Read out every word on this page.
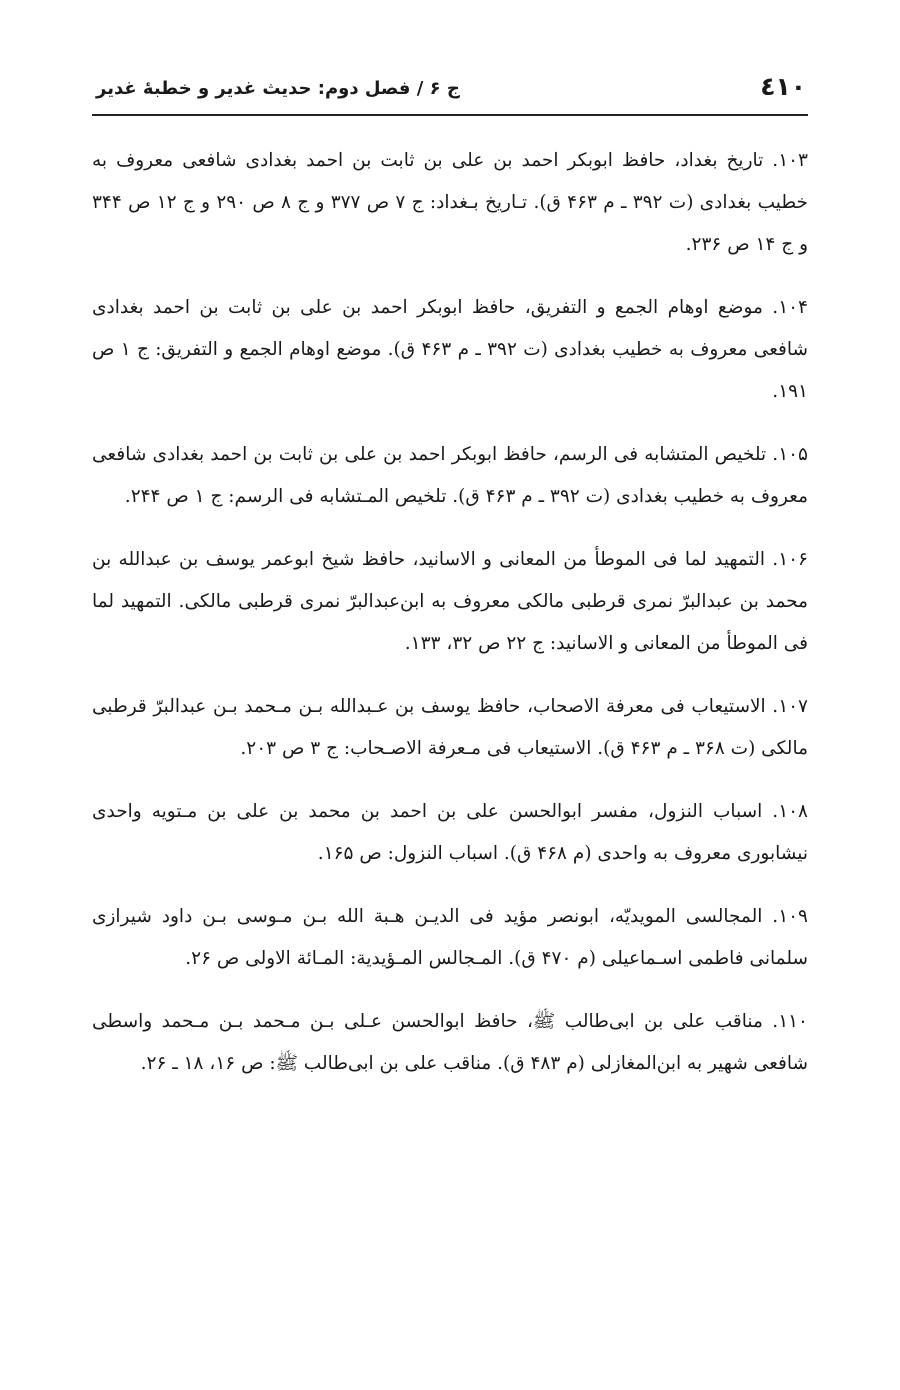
٤١٠
ج ۶ / فصل دوم: حديث غدير و خطبهٔ غدير

۱۰۳. تاريخ بغداد، حافظ ابوبكر احمد بن على بن ثابت بن احمد بغدادى شافعى معروف به خطيب بغدادى (ت ۳۹۲ ـ م ۴۶۳ ق). تـاريخ بـغداد: ج ۷ ص ۳۷۷ و ج ۸ ص ۲۹۰ و ج ۱۲ ص ۳۴۴ و ج ۱۴ ص ۲۳۶.

۱۰۴. موضع اوهام الجمع و التفريق، حافظ ابوبكر احمد بن على بن ثابت بن احمد بغدادى شافعى معروف به خطيب بغدادى (ت ۳۹۲ ـ م ۴۶۳ ق). موضع اوهام الجمع و التفريق: ج ۱ ص ۱۹۱.

۱۰۵. تلخيص المتشابه فى الرسم، حافظ ابوبكر احمد بن على بن ثابت بن احمد بغدادى شافعى معروف به خطيب بغدادى (ت ۳۹۲ ـ م ۴۶۳ ق). تلخيص المـتشابه فى الرسم: ج ۱ ص ۲۴۴.

۱۰۶. التمهيد لما فى الموطأ من المعانى و الاسانيد، حافظ شيخ ابوعمر يوسف بن عبدالله بن محمد بن عبدالبرّ نمرى قرطبى مالكى معروف به ابن‌عبدالبرّ نمرى قرطبى مالكى. التمهيد لما فى الموطأ من المعانى و الاسانيد: ج ۲۲ ص ۳۲، ۱۳۳.

۱۰۷. الاستيعاب فى معرفة الاصحاب، حافظ يوسف بن عـبدالله بـن مـحمد بـن عبدالبرّ قرطبى مالكى (ت ۳۶۸ ـ م ۴۶۳ ق). الاستيعاب فى مـعرفة الاصـحاب: ج ۳ ص ۲۰۳.

۱۰۸. اسباب النزول، مفسر ابوالحسن على بن احمد بن محمد بن على بن مـتويه واحدى نيشابورى معروف به واحدى (م ۴۶۸ ق). اسباب النزول: ص ۱۶۵.

۱۰۹. المجالسى المويديّه، ابونصر مؤيد فى الديـن هـبة الله بـن مـوسى بـن داود شيرازى سلمانى فاطمى اسـماعيلى (م ۴۷۰ ق). المـجالس المـؤيدية: المـائة الاولى ص ۲۶.

۱۱۰. مناقب على بن ابى‌طالب ﷺ، حافظ ابوالحسن عـلى بـن مـحمد بـن مـحمد واسطى شافعى شهير به ابن‌المغازلى (م ۴۸۳ ق). مناقب على بن ابى‌طالب ﷺ: ص ۱۶، ۱۸ ـ ۲۶.
